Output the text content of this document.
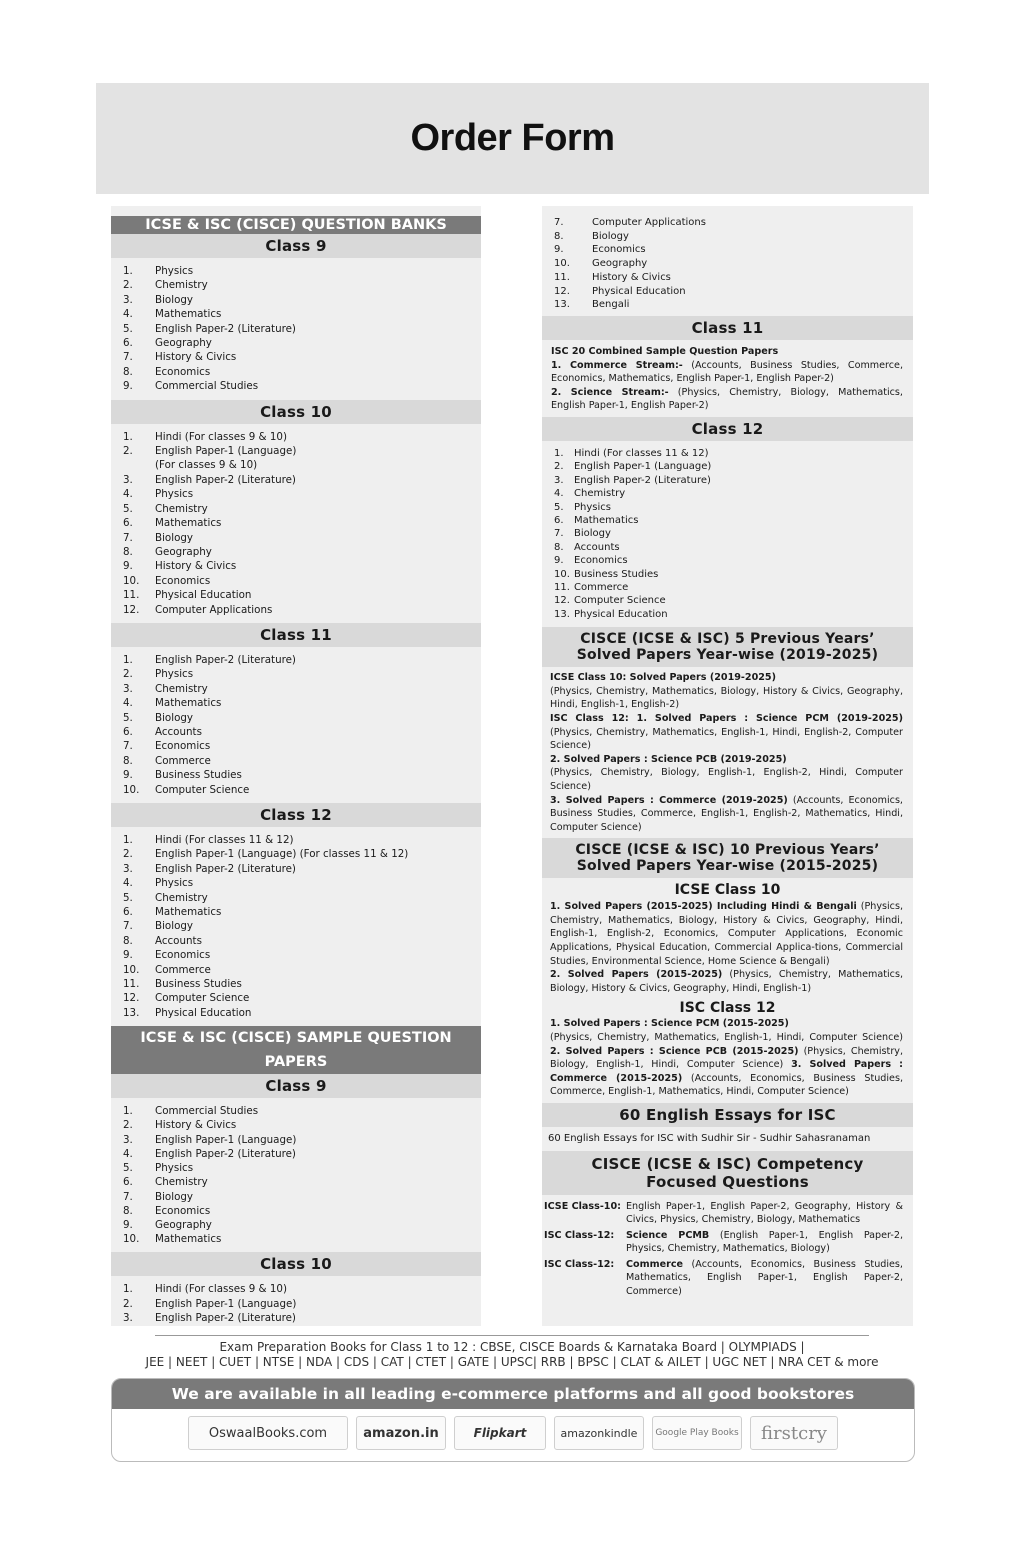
Order Form
ICSE & ISC (CISCE) QUESTION BANKS
Class 9
1.	Physics
2.	Chemistry
3.	Biology
4.	Mathematics
5.	English Paper-2 (Literature)
6.	Geography
7.	History & Civics
8.	Economics
9.	Commercial Studies
Class 10
1.	Hindi (For classes 9 & 10)
2.	English Paper-1 (Language)
(For classes 9 & 10)
3.	English Paper-2 (Literature)
4.	Physics
5.	Chemistry
6.	Mathematics
7.	Biology
8.	Geography
9.	History & Civics
10.	Economics
11.	Physical Education
12.	Computer Applications
Class 11
1.	English Paper-2 (Literature)
2.	Physics
3.	Chemistry
4.	Mathematics
5.	Biology
6.	Accounts
7.	Economics
8.	Commerce
9.	Business Studies
10.	Computer Science
Class 12
1.	Hindi (For classes 11 & 12)
2.	English Paper-1 (Language) (For classes 11 & 12)
3.	English Paper-2 (Literature)
4.	Physics
5.	Chemistry
6.	Mathematics
7.	Biology
8.	Accounts
9.	Economics
10.	Commerce
11.	Business Studies
12.	Computer Science
13.	Physical Education
ICSE & ISC (CISCE) SAMPLE QUESTION PAPERS
Class 9
1.	Commercial Studies
2.	History & Civics
3.	English Paper-1 (Language)
4.	English Paper-2 (Literature)
5.	Physics
6.	Chemistry
7.	Biology
8.	Economics
9.	Geography
10.	Mathematics
Class 10
1.	Hindi (For classes 9 & 10)
2.	English Paper-1 (Language)
3.	English Paper-2 (Literature)
7.	Computer Applications
8.	Biology
9.	Economics
10.	Geography
11.	History & Civics
12.	Physical Education
13.	Bengali
Class 11
ISC 20 Combined Sample Question Papers
1. Commerce Stream:- (Accounts, Business Studies, Commerce, Economics, Mathematics, English Paper-1, English Paper-2)
2. Science Stream:- (Physics, Chemistry, Biology, Mathematics, English Paper-1, English Paper-2)
Class 12
1.	Hindi (For classes 11 & 12)
2.	English Paper-1 (Language)
3.	English Paper-2 (Literature)
4.	Chemistry
5.	Physics
6.	Mathematics
7.	Biology
8.	Accounts
9.	Economics
10. Business Studies
11. Commerce
12. Computer Science
13. Physical Education
CISCE (ICSE & ISC) 5 Previous Years’
Solved Papers Year-wise (2019-2025)
ICSE Class 10: Solved Papers (2019-2025)
(Physics, Chemistry, Mathematics, Biology, History & Civics, Geography, Hindi, English-1, English-2)
ISC Class 12: 1. Solved Papers : Science PCM (2019-2025) (Physics, Chemistry, Mathematics, English-1, Hindi, English-2, Computer Science)
2. Solved Papers : Science PCB (2019-2025)
(Physics, Chemistry, Biology, English-1, English-2, Hindi, Computer Science)
3. Solved Papers : Commerce (2019-2025) (Accounts, Economics, Business Studies, Commerce, English-1, English-2, Mathematics, Hindi, Computer Science)
CISCE (ICSE & ISC) 10 Previous Years’
Solved Papers Year-wise (2015-2025)
ICSE Class 10
1. Solved Papers (2015-2025) Including Hindi & Bengali (Physics, Chemistry, Mathematics, Biology, History & Civics, Geography, Hindi, English-1, English-2, Economics, Computer Applications, Economic Applications, Physical Education, Commercial Applica-tions, Commercial Studies, Environmental Science, Home Science & Bengali)
2. Solved Papers (2015-2025) (Physics, Chemistry, Mathematics, Biology, History & Civics, Geography, Hindi, English-1)
ISC Class 12
1. Solved Papers : Science PCM (2015-2025)
(Physics, Chemistry, Mathematics, English-1, Hindi, Computer Science) 2. Solved Papers : Science PCB (2015-2025) (Physics, Chemistry, Biology, English-1, Hindi, Computer Science) 3. Solved Papers : Commerce (2015-2025) (Accounts, Economics, Business Studies, Commerce, English-1, Mathematics, Hindi, Computer Science)
60 English Essays for ISC
60 English Essays for ISC with Sudhir Sir - Sudhir Sahasranaman
CISCE (ICSE & ISC) Competency
Focused Questions
ICSE Class-10: English Paper-1, English Paper-2, Geography, History & Civics, Physics, Chemistry, Biology, Mathematics
ISC Class-12:	Science PCMB (English Paper-1, English Paper-2, Physics, Chemistry, Mathematics, Biology)
ISC Class-12:	Commerce (Accounts, Economics, Business Studies, Mathematics, English Paper-1, English Paper-2, Commerce)
Exam Preparation Books for Class 1 to 12 : CBSE, CISCE Boards & Karnataka Board | OLYMPIADS |
JEE | NEET | CUET | NTSE | NDA | CDS | CAT | CTET | GATE | UPSC| RRB | BPSC | CLAT & AILET | UGC NET | NRA CET & more
We are available in all leading e-commerce platforms and all good bookstores
OswaalBooks.com	amazon.in	Flipkart	amazonkindle	Google Play Books	firstcry
